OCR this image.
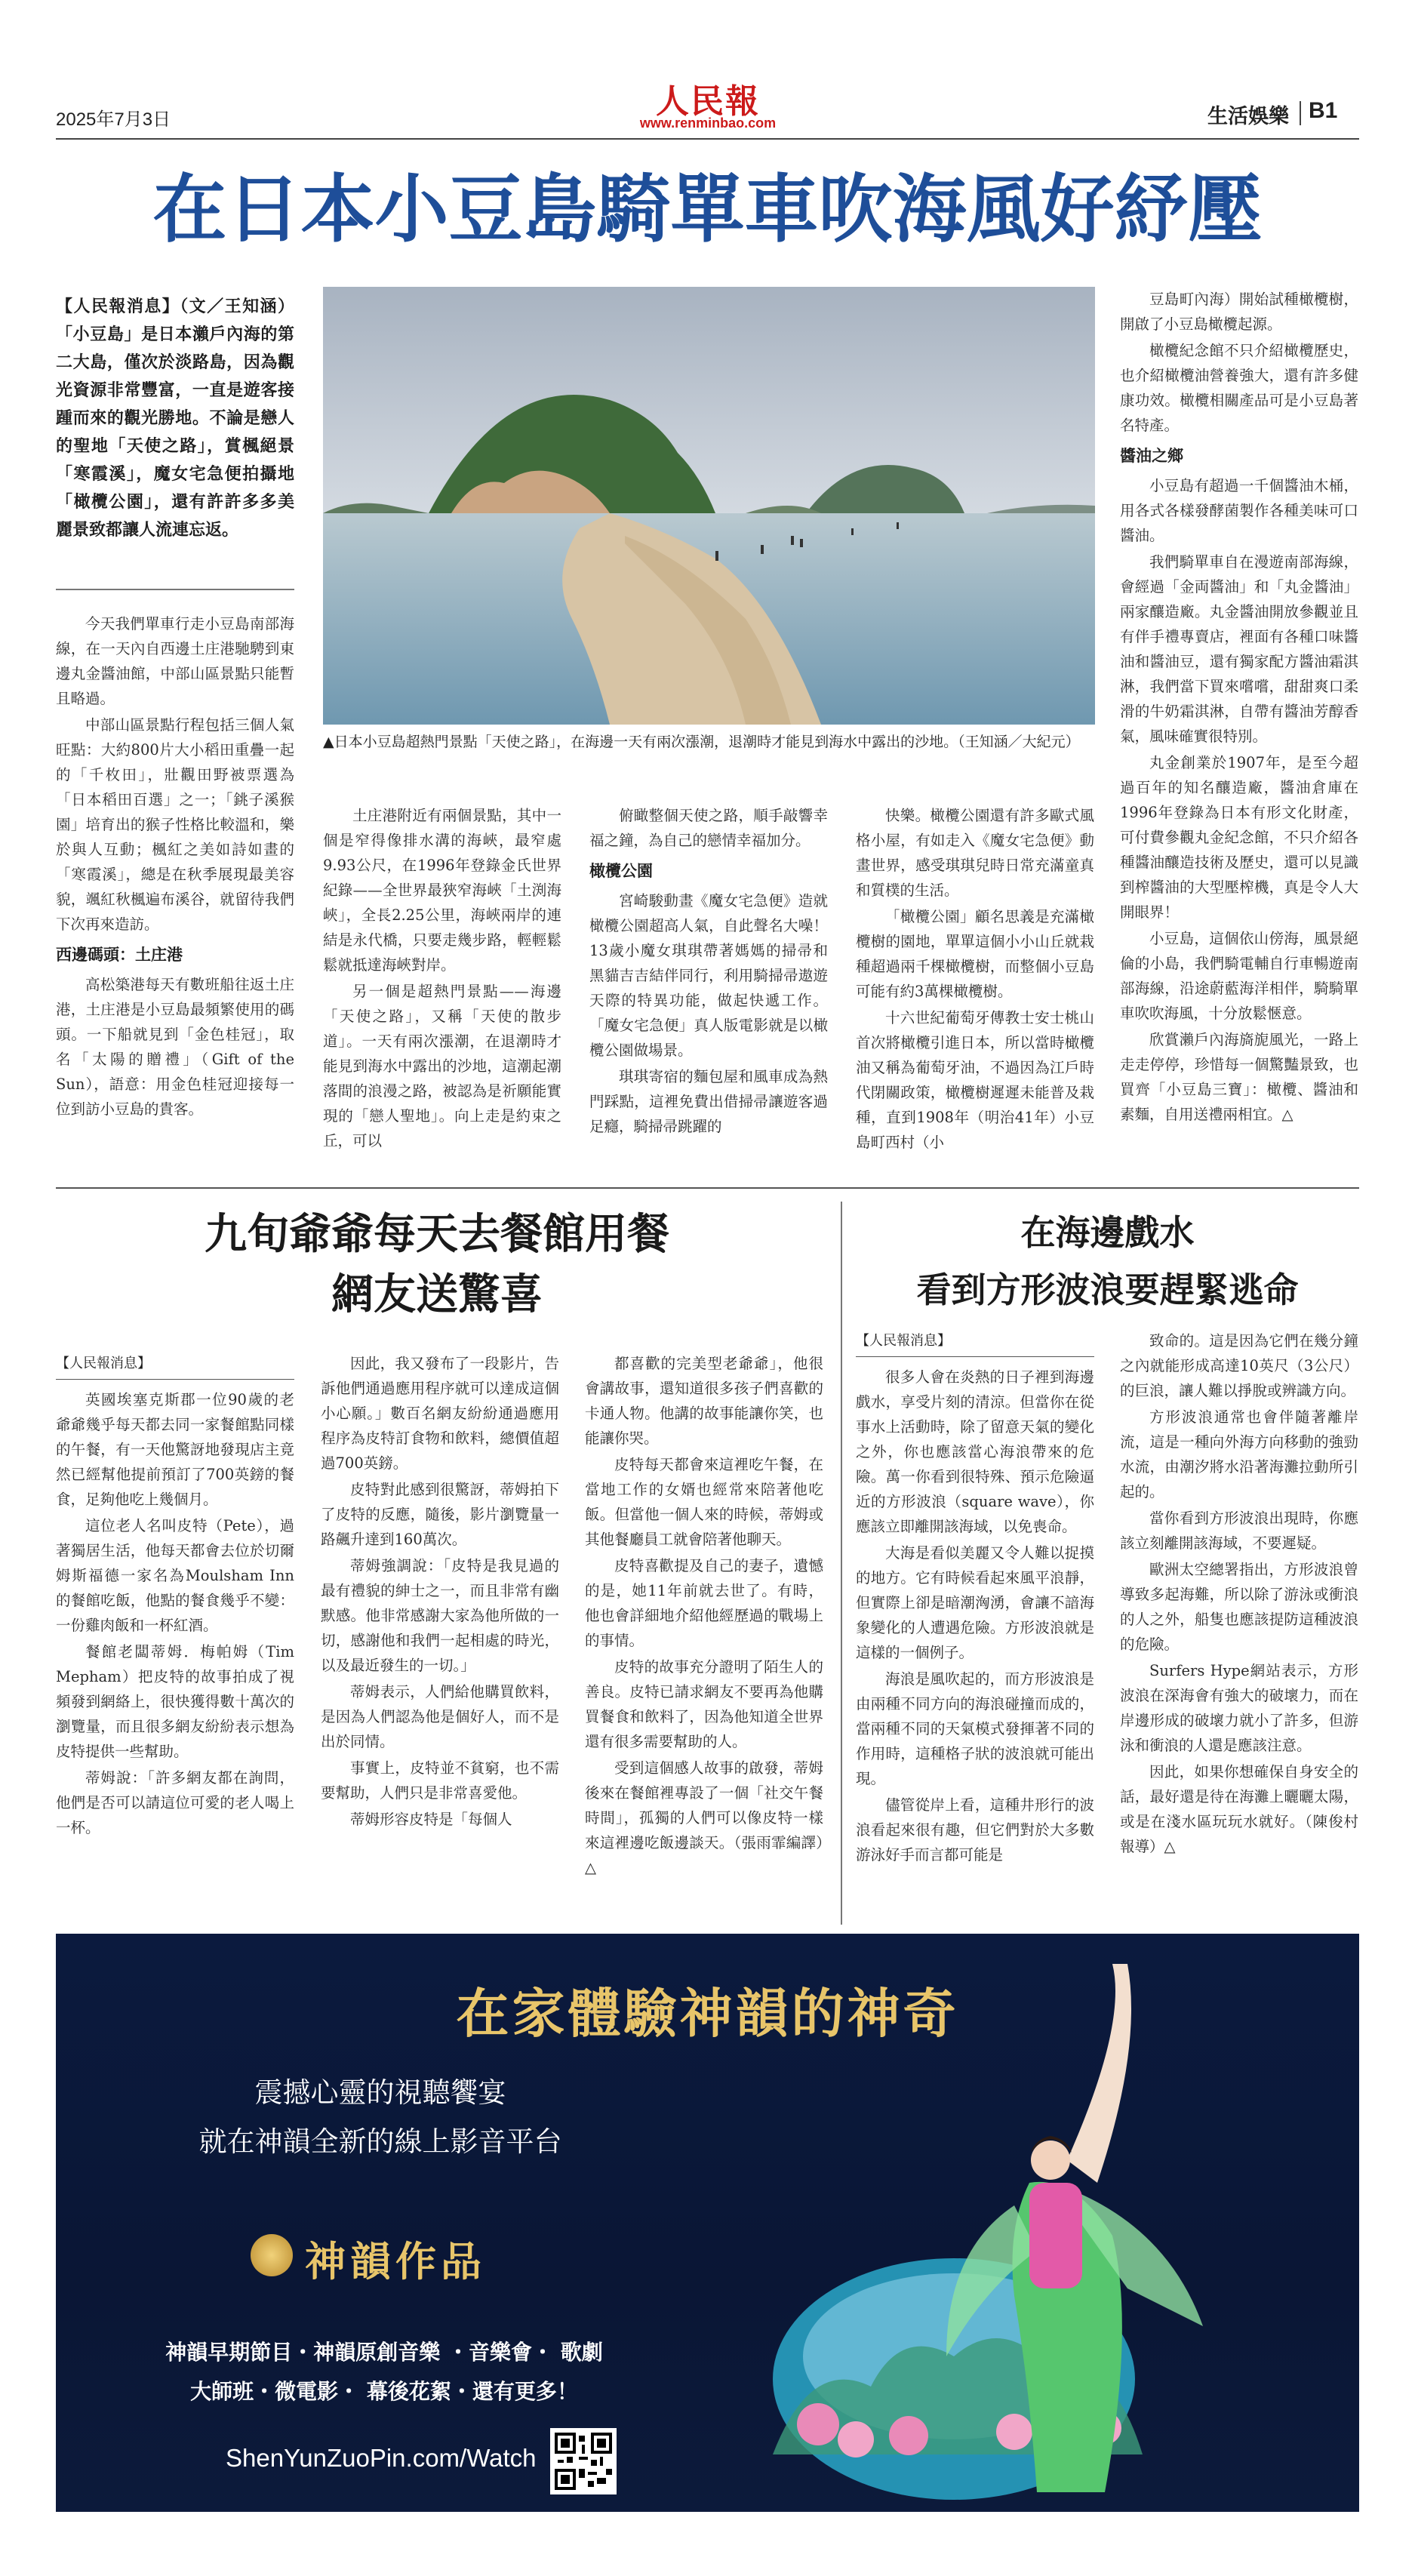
2025年7月3日	人民報
www.renminbao.com	生活娛樂 B1
在日本小豆島騎單車吹海風好紓壓
【人民報消息】（文／王知涵）「小豆島」是日本瀨戶內海的第二大島，僅次於淡路島，因為觀光資源非常豐富，一直是遊客接踵而來的觀光勝地。不論是戀人的聖地「天使之路」，賞楓絕景「寒霞溪」，魔女宅急便拍攝地「橄欖公園」，還有許許多多美麗景致都讓人流連忘返。

今天我們單車行走小豆島南部海線，在一天內自西邊土庄港馳騁到東邊丸金醬油館，中部山區景點只能暫且略過。

中部山區景點行程包括三個人氣旺點：大約800片大小稻田重疊一起的「千枚田」，壯觀田野被票選為「日本稻田百選」之一；「銚子溪猴園」培育出的猴子性格比較溫和，樂於與人互動；楓紅之美如詩如畫的「寒霞溪」，總是在秋季展現最美容貌，颯紅秋楓遍布溪谷，就留待我們下次再來造訪。

西邊碼頭：土庄港

高松築港每天有數班船往返土庄港，土庄港是小豆島最頻繁使用的碼頭。一下船就見到「金色桂冠」，取名「太陽的贈禮」（Gift of the Sun），語意：用金色桂冠迎接每一位到訪小豆島的貴客。

▲日本小豆島超熱門景點「天使之路」，在海邊一天有兩次漲潮，退潮時才能見到海水中露出的沙地。（王知涵／大紀元）

土庄港附近有兩個景點，其中一個是窄得像排水溝的海峽，最窄處9.93公尺，在1996年登錄金氏世界紀錄——全世界最狹窄海峽「土渕海峽」，全長2.25公里，海峽兩岸的連結是永代橋，只要走幾步路，輕輕鬆鬆就抵達海峽對岸。

另一個是超熱門景點——海邊「天使之路」，又稱「天使的散步道」。一天有兩次漲潮，在退潮時才能見到海水中露出的沙地，這潮起潮落間的浪漫之路，被認為是祈願能實現的「戀人聖地」。向上走是約束之丘，可以

俯瞰整個天使之路，順手敲響幸福之鐘，為自己的戀情幸福加分。

橄欖公園

宮崎駿動畫《魔女宅急便》造就橄欖公園超高人氣，自此聲名大噪！13歲小魔女琪琪帶著媽媽的掃帚和黑貓吉吉結伴同行，利用騎掃帚遨遊天際的特異功能，做起快遞工作。「魔女宅急便」真人版電影就是以橄欖公園做場景。

琪琪寄宿的麵包屋和風車成為熱門踩點，這裡免費出借掃帚讓遊客過足癮，騎掃帚跳躍的

快樂。橄欖公園還有許多歐式風格小屋，有如走入《魔女宅急便》動畫世界，感受琪琪兒時日常充滿童真和質樸的生活。

「橄欖公園」顧名思義是充滿橄欖樹的園地，單單這個小小山丘就栽種超過兩千棵橄欖樹，而整個小豆島可能有約3萬棵橄欖樹。

十六世紀葡萄牙傳教士安士桃山首次將橄欖引進日本，所以當時橄欖油又稱為葡萄牙油，不過因為江戶時代閉關政策，橄欖樹遲遲未能普及栽種，直到1908年（明治41年）小豆島町西村（小

豆島町內海）開始試種橄欖樹，開啟了小豆島橄欖起源。

橄欖紀念館不只介紹橄欖歷史，也介紹橄欖油營養強大，還有許多健康功效。橄欖相關產品可是小豆島著名特產。

醬油之鄉

小豆島有超過一千個醬油木桶，用各式各樣發酵菌製作各種美味可口醬油。

我們騎單車自在漫遊南部海線，會經過「金両醬油」和「丸金醬油」兩家釀造廠。丸金醬油開放參觀並且有伴手禮專賣店，裡面有各種口味醬油和醬油豆，還有獨家配方醬油霜淇淋，我們當下買來嚐嚐，甜甜爽口柔滑的牛奶霜淇淋，自帶有醬油芳醇香氣，風味確實很特別。

丸金創業於1907年，是至今超過百年的知名釀造廠，醬油倉庫在1996年登錄為日本有形文化財產，可付費參觀丸金紀念館，不只介紹各種醬油釀造技術及歷史，還可以見識到榨醬油的大型壓榨機，真是令人大開眼界！

小豆島，這個依山傍海，風景絕倫的小島，我們騎電輔自行車暢遊南部海線，沿途蔚藍海洋相伴，騎騎單車吹吹海風，十分放鬆愜意。

欣賞瀨戶內海旖旎風光，一路上走走停停，珍惜每一個驚豔景致，也買齊「小豆島三寶」：橄欖、醬油和素麵，自用送禮兩相宜。△

九旬爺爺每天去餐館用餐
網友送驚喜
【人民報消息】

英國埃塞克斯郡一位90歲的老爺爺幾乎每天都去同一家餐館點同樣的午餐，有一天他驚訝地發現店主竟然已經幫他提前預訂了700英鎊的餐食，足夠他吃上幾個月。

這位老人名叫皮特（Pete），過著獨居生活，他每天都會去位於切爾姆斯福德一家名為Moulsham Inn的餐館吃飯，他點的餐食幾乎不變：一份雞肉飯和一杯紅酒。

餐館老闆蒂姆．梅帕姆（Tim Mepham）把皮特的故事拍成了視頻發到網絡上，很快獲得數十萬次的瀏覽量，而且很多網友紛紛表示想為皮特提供一些幫助。

蒂姆說：「許多網友都在詢問，他們是否可以請這位可愛的老人喝上一杯。

因此，我又發布了一段影片，告訴他們通過應用程序就可以達成這個小心願。」數百名網友紛紛通過應用程序為皮特訂食物和飲料，總價值超過700英鎊。

皮特對此感到很驚訝，蒂姆拍下了皮特的反應，隨後，影片瀏覽量一路飆升達到160萬次。

蒂姆強調說：「皮特是我見過的最有禮貌的紳士之一，而且非常有幽默感。他非常感謝大家為他所做的一切，感謝他和我們一起相處的時光，以及最近發生的一切。」

蒂姆表示，人們給他購買飲料，是因為人們認為他是個好人，而不是出於同情。

事實上，皮特並不貧窮，也不需要幫助，人們只是非常喜愛他。

蒂姆形容皮特是「每個人

都喜歡的完美型老爺爺」，他很會講故事，還知道很多孩子們喜歡的卡通人物。他講的故事能讓你笑，也能讓你哭。

皮特每天都會來這裡吃午餐，在當地工作的女婿也經常來陪著他吃飯。但當他一個人來的時候，蒂姆或其他餐廳員工就會陪著他聊天。

皮特喜歡提及自己的妻子，遺憾的是，她11年前就去世了。有時，他也會詳細地介紹他經歷過的戰場上的事情。

皮特的故事充分證明了陌生人的善良。皮特已請求網友不要再為他購買餐食和飲料了，因為他知道全世界還有很多需要幫助的人。

受到這個感人故事的啟發，蒂姆後來在餐館裡專設了一個「社交午餐時間」，孤獨的人們可以像皮特一樣來這裡邊吃飯邊談天。（張雨霏編譯）△

在海邊戲水
看到方形波浪要趕緊逃命
【人民報消息】

很多人會在炎熱的日子裡到海邊戲水，享受片刻的清涼。但當你在從事水上活動時，除了留意天氣的變化之外，你也應該當心海浪帶來的危險。萬一你看到很特殊、預示危險逼近的方形波浪（square wave），你應該立即離開該海域，以免喪命。

大海是看似美麗又令人難以捉摸的地方。它有時候看起來風平浪靜，但實際上卻是暗潮洶湧，會讓不諳海象變化的人遭遇危險。方形波浪就是這樣的一個例子。

海浪是風吹起的，而方形波浪是由兩種不同方向的海浪碰撞而成的，當兩種不同的天氣模式發揮著不同的作用時，這種格子狀的波浪就可能出現。

儘管從岸上看，這種井形行的波浪看起來很有趣，但它們對於大多數游泳好手而言都可能是

致命的。這是因為它們在幾分鐘之內就能形成高達10英尺（3公尺）的巨浪，讓人難以掙脫或辨識方向。

方形波浪通常也會伴隨著離岸流，這是一種向外海方向移動的強勁水流，由潮汐將水沿著海灘拉動所引起的。

當你看到方形波浪出現時，你應該立刻離開該海域，不要遲疑。

歐洲太空總署指出，方形波浪曾導致多起海難，所以除了游泳或衝浪的人之外，船隻也應該提防這種波浪的危險。

Surfers Hype網站表示，方形波浪在深海會有強大的破壞力，而在岸邊形成的破壞力就小了許多，但游泳和衝浪的人還是應該注意。

因此，如果你想確保自身安全的話，最好還是待在海灘上曬曬太陽，或是在淺水區玩玩水就好。（陳俊村報導）△

在家體驗神韻的神奇
震撼心靈的視聽饗宴
就在神韻全新的線上影音平台
神韻作品
神韻早期節目・神韻原創音樂 ・音樂會・ 歌劇
大師班・微電影・ 幕後花絮・還有更多！
ShenYunZuoPin.com/Watch
